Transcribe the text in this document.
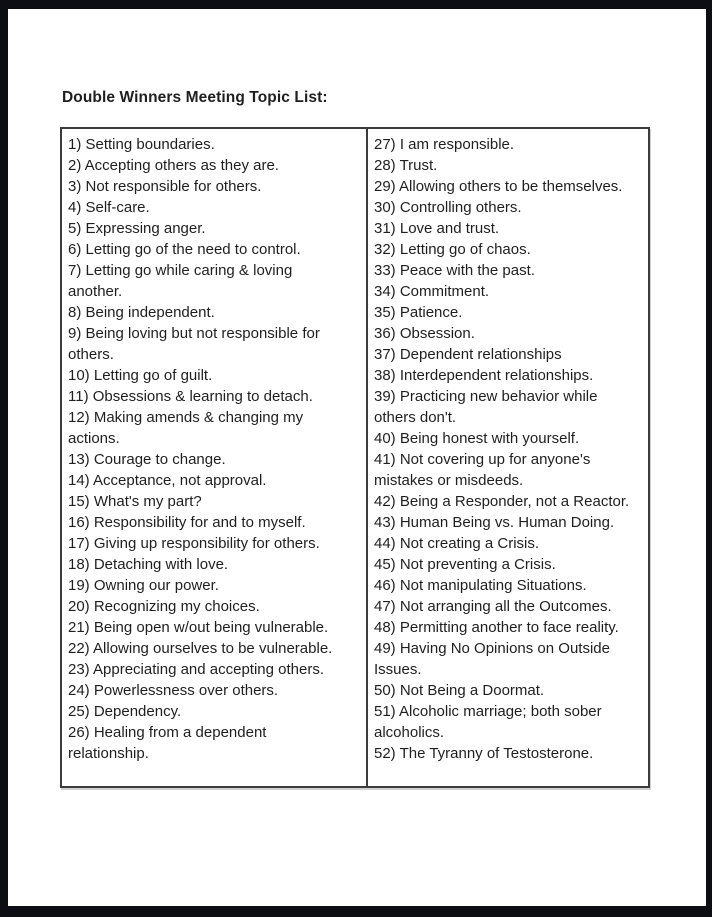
Double Winners Meeting Topic List:
1) Setting boundaries.
2) Accepting others as they are.
3) Not responsible for others.
4) Self-care.
5) Expressing anger.
6) Letting go of the need to control.
7) Letting go while caring & loving another.
8) Being independent.
9) Being loving but not responsible for others.
10) Letting go of guilt.
11) Obsessions & learning to detach.
12) Making amends & changing my actions.
13) Courage to change.
14) Acceptance, not approval.
15) What's my part?
16) Responsibility for and to myself.
17) Giving up responsibility for others.
18) Detaching with love.
19) Owning our power.
20) Recognizing my choices.
21) Being open w/out being vulnerable.
22) Allowing ourselves to be vulnerable.
23) Appreciating and accepting others.
24) Powerlessness over others.
25) Dependency.
26) Healing from a dependent relationship.
27) I am responsible.
28) Trust.
29) Allowing others to be themselves.
30) Controlling others.
31) Love and trust.
32) Letting go of chaos.
33) Peace with the past.
34) Commitment.
35) Patience.
36) Obsession.
37) Dependent relationships
38) Interdependent relationships.
39) Practicing new behavior while others don't.
40) Being honest with yourself.
41) Not covering up for anyone's mistakes or misdeeds.
42) Being a Responder, not a Reactor.
43) Human Being vs. Human Doing.
44) Not creating a Crisis.
45) Not preventing a Crisis.
46) Not manipulating Situations.
47) Not arranging all the Outcomes.
48) Permitting another to face reality.
49) Having No Opinions on Outside Issues.
50) Not Being a Doormat.
51) Alcoholic marriage; both sober alcoholics.
52) The Tyranny of Testosterone.
